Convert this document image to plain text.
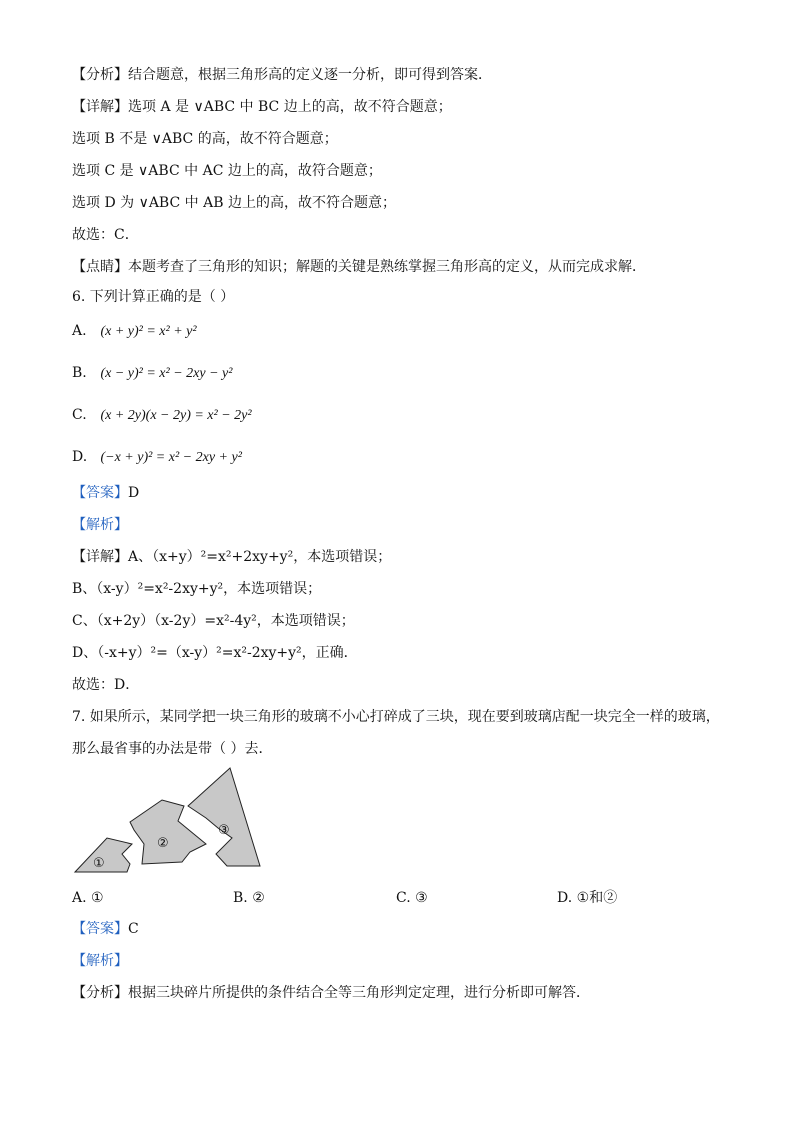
【分析】结合题意，根据三角形高的定义逐一分析，即可得到答案．
【详解】选项 A 是 ∨ABC 中 BC 边上的高，故不符合题意；
选项 B 不是 ∨ABC 的高，故不符合题意；
选项 C 是 ∨ABC 中 AC 边上的高，故符合题意；
选项 D 为 ∨ABC 中 AB 边上的高，故不符合题意；
故选：C．
【点睛】本题考查了三角形的知识；解题的关键是熟练掌握三角形高的定义，从而完成求解．
6. 下列计算正确的是（ ）
A. (x + y)² = x² + y²
B. (x − y)² = x² − 2xy − y²
C. (x + 2y)(x − 2y) = x² − 2y²
D. (−x + y)² = x² − 2xy + y²
【答案】D
【解析】
【详解】A、（x+y）²=x²+2xy+y²，本选项错误；
B、（x-y）²=x²-2xy+y²，本选项错误；
C、（x+2y）（x-2y）=x²-4y²，本选项错误；
D、（-x+y）²=（x-y）²=x²-2xy+y²，正确．
故选：D．
7. 如果所示，某同学把一块三角形的玻璃不小心打碎成了三块，现在要到玻璃店配一块完全一样的玻璃，
那么最省事的办法是带（ ）去．
①
②
③
A. ①	B. ②	C. ③	D. ①和②
【答案】C
【解析】
【分析】根据三块碎片所提供的条件结合全等三角形判定定理，进行分析即可解答．
